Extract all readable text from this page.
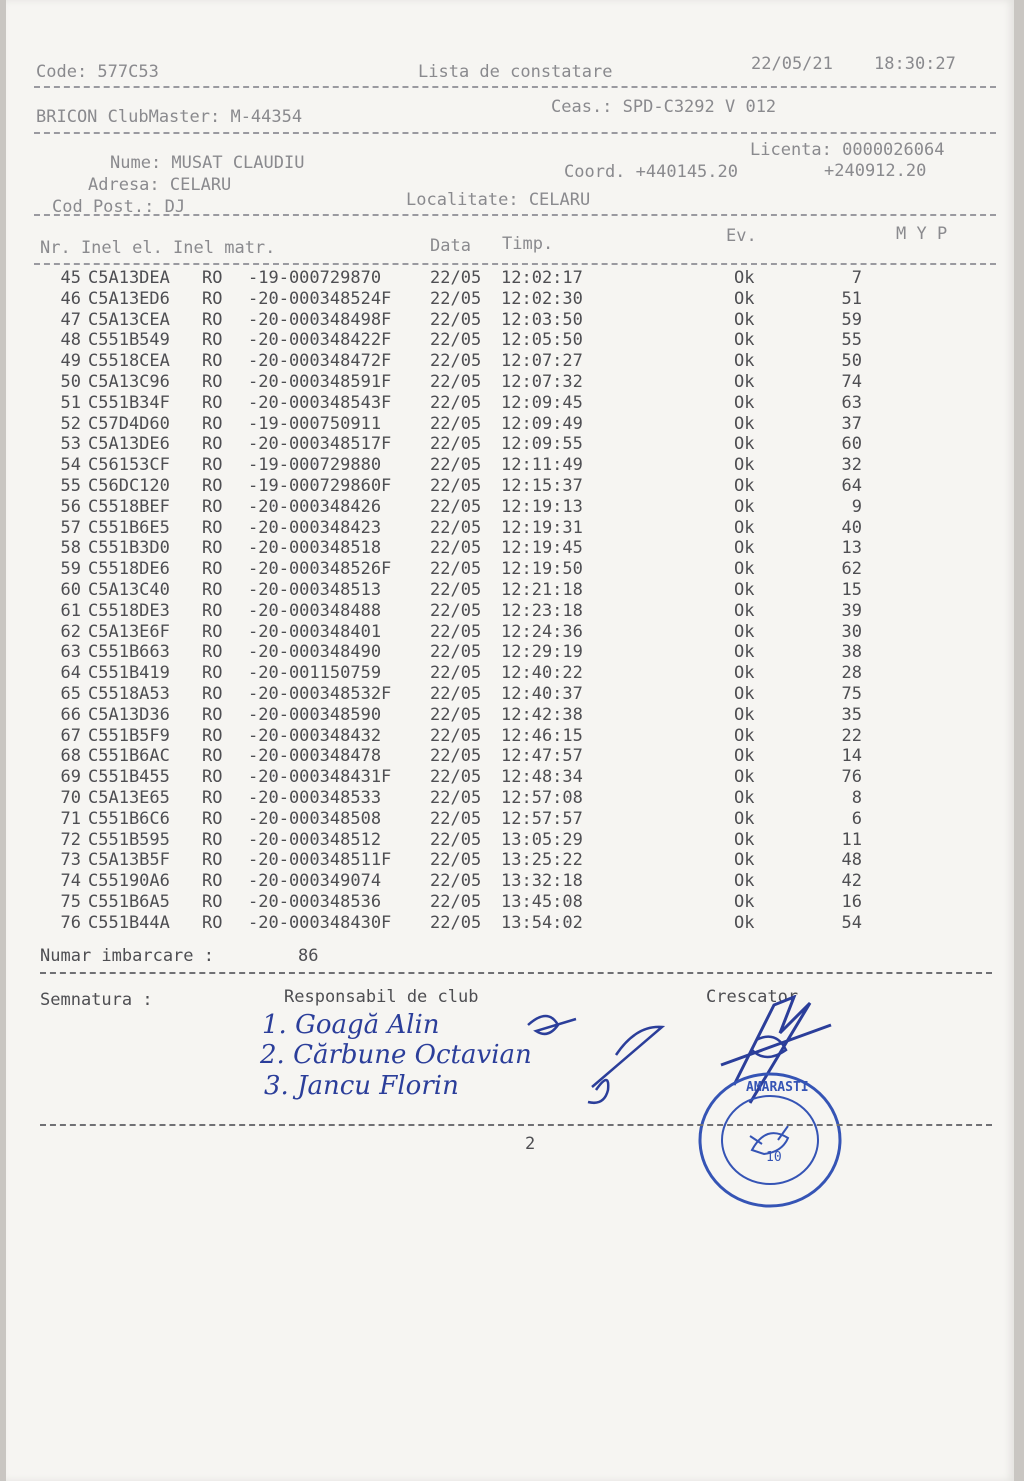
Code: 577C53	Lista de constatare	22/05/21 18:30:27
BRICON ClubMaster: M-44354	Ceas.: SPD-C3292 V 012
Nume: MUSAT CLAUDIU
Licenta: 0000026064
Adresa: CELARU
Coord. +440145.20	+240912.20
Cod Post.: DJ	Localitate: CELARU
Nr. Inel el. Inel matr.	Data Timp.	Ev.	M Y P
45 C5A13DEA RO -19-000729870	22/05 12:02:17	Ok	7
46 C5A13ED6 RO -20-000348524F 22/05 12:02:30	Ok	51
47 C5A13CEA RO -20-000348498F 22/05 12:03:50	Ok	59
48 C551B549 RO -20-000348422F 22/05 12:05:50	Ok	55
49 C5518CEA RO -20-000348472F 22/05 12:07:27	Ok	50
50 C5A13C96 RO -20-000348591F 22/05 12:07:32	Ok	74
51 C551B34F RO -20-000348543F 22/05 12:09:45	Ok	63
52 C57D4D60 RO -19-000750911	22/05 12:09:49	Ok	37
53 C5A13DE6 RO -20-000348517F 22/05 12:09:55	Ok	60
54 C56153CF RO -19-000729880	22/05 12:11:49	Ok	32
55 C56DC120 RO -19-000729860F 22/05 12:15:37	Ok	64
56 C5518BEF RO -20-000348426	22/05 12:19:13	Ok	9
57 C551B6E5 RO -20-000348423	22/05 12:19:31	Ok	40
58 C551B3D0 RO -20-000348518	22/05 12:19:45	Ok	13
59 C5518DE6 RO -20-000348526F 22/05 12:19:50	Ok	62
60 C5A13C40 RO -20-000348513	22/05 12:21:18	Ok	15
61 C5518DE3 RO -20-000348488	22/05 12:23:18	Ok	39
62 C5A13E6F RO -20-000348401	22/05 12:24:36	Ok	30
63 C551B663 RO -20-000348490	22/05 12:29:19	Ok	38
64 C551B419 RO -20-001150759	22/05 12:40:22	Ok	28
65 C5518A53 RO -20-000348532F 22/05 12:40:37	Ok	75
66 C5A13D36 RO -20-000348590	22/05 12:42:38	Ok	35
67 C551B5F9 RO -20-000348432	22/05 12:46:15	Ok	22
68 C551B6AC RO -20-000348478	22/05 12:47:57	Ok	14
69 C551B455 RO -20-000348431F 22/05 12:48:34	Ok	76
70 C5A13E65 RO -20-000348533	22/05 12:57:08	Ok	8
71 C551B6C6 RO -20-000348508	22/05 12:57:57	Ok	6
72 C551B595 RO -20-000348512	22/05 13:05:29	Ok	11
73 C5A13B5F RO -20-000348511F 22/05 13:25:22	Ok	48
74 C55190A6 RO -20-000349074	22/05 13:32:18	Ok	42
75 C551B6A5 RO -20-000348536	22/05 13:45:08	Ok	16
76 C551B44A RO -20-000348430F 22/05 13:54:02	Ok	54
Numar imbarcare :	86
Semnatura :	Responsabil de club	Crescator
1. Goagă Alin
2. Cărbune Octavian
3. Jancu Florin	AMARASTI
10
2
